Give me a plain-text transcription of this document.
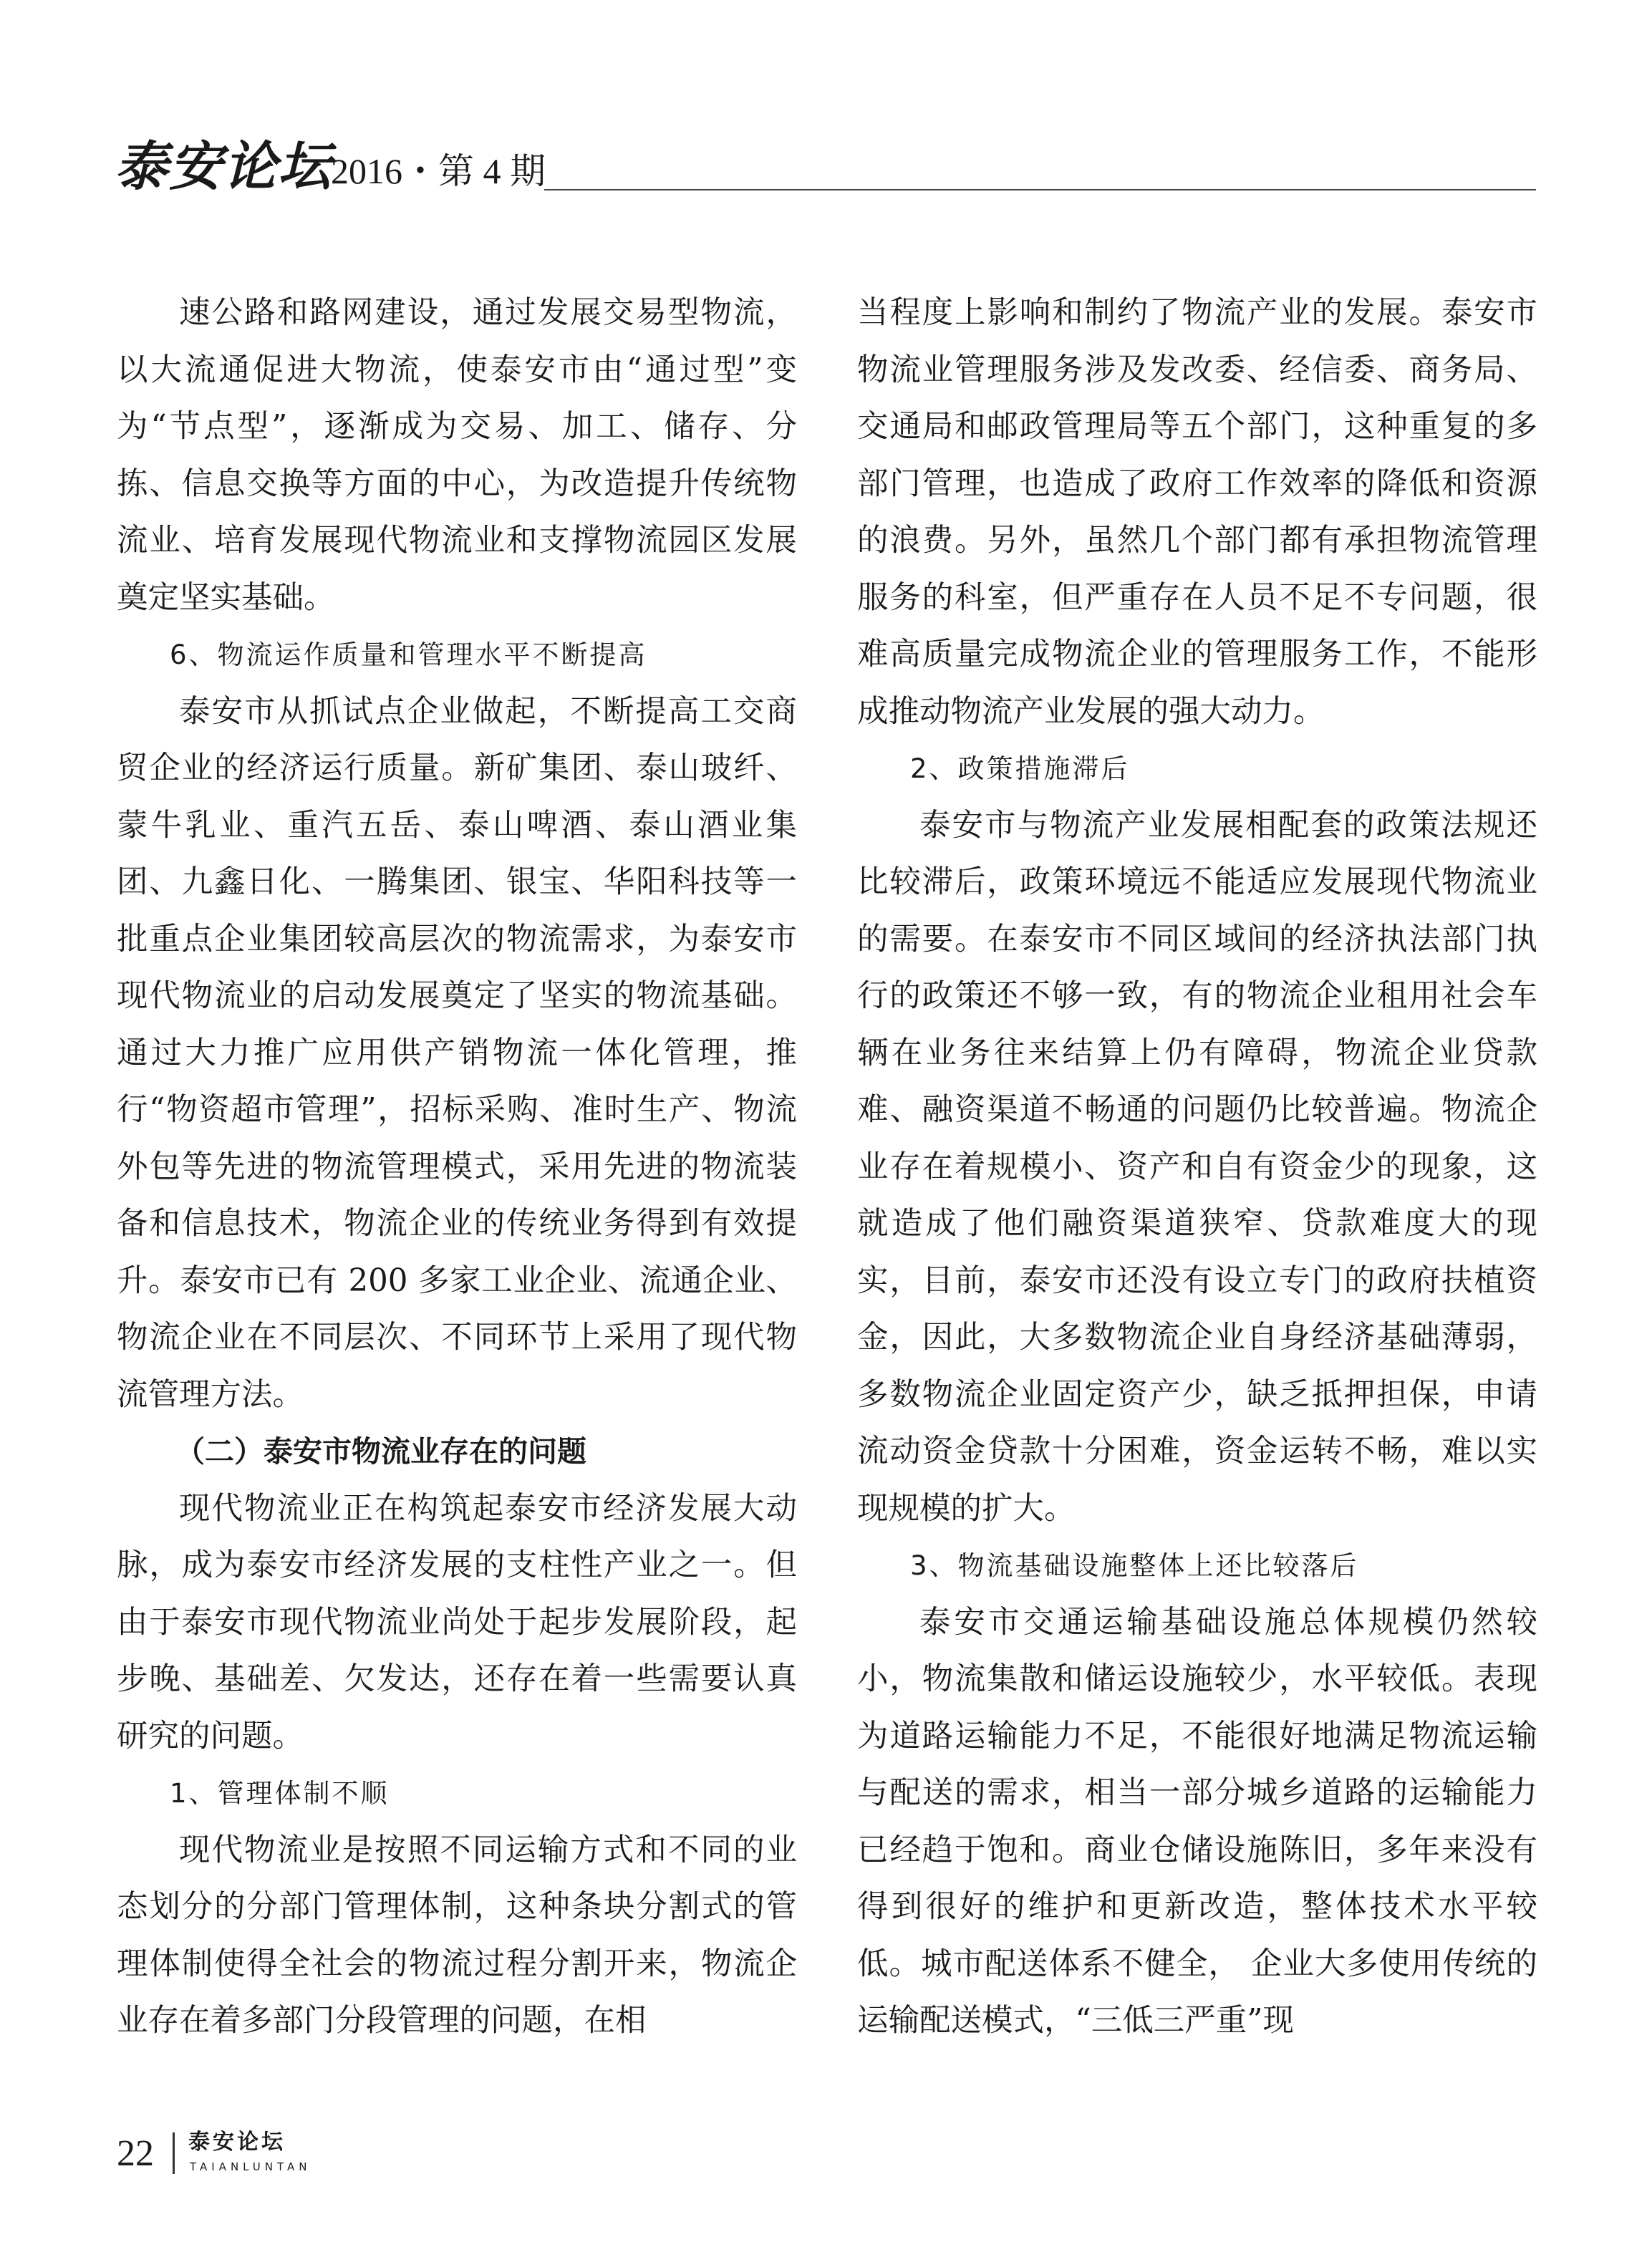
泰安论坛
2016・第 4 期

速公路和路网建设，通过发展交易型物流，以大流通促进大物流，使泰安市由“通过型”变为“节点型”，逐渐成为交易、加工、储存、分拣、信息交换等方面的中心，为改造提升传统物流业、培育发展现代物流业和支撑物流园区发展奠定坚实基础。

6、物流运作质量和管理水平不断提高

泰安市从抓试点企业做起，不断提高工交商贸企业的经济运行质量。新矿集团、泰山玻纤、蒙牛乳业、重汽五岳、泰山啤酒、泰山酒业集团、九鑫日化、一腾集团、银宝、华阳科技等一批重点企业集团较高层次的物流需求，为泰安市现代物流业的启动发展奠定了坚实的物流基础。通过大力推广应用供产销物流一体化管理，推行“物资超市管理”，招标采购、准时生产、物流外包等先进的物流管理模式，采用先进的物流装备和信息技术，物流企业的传统业务得到有效提升。泰安市已有 200 多家工业企业、流通企业、物流企业在不同层次、不同环节上采用了现代物流管理方法。

（二）泰安市物流业存在的问题

现代物流业正在构筑起泰安市经济发展大动脉，成为泰安市经济发展的支柱性产业之一。但由于泰安市现代物流业尚处于起步发展阶段，起步晚、基础差、欠发达，还存在着一些需要认真研究的问题。

1、管理体制不顺

现代物流业是按照不同运输方式和不同的业态划分的分部门管理体制，这种条块分割式的管理体制使得全社会的物流过程分割开来，物流企业存在着多部门分段管理的问题，在相

当程度上影响和制约了物流产业的发展。泰安市物流业管理服务涉及发改委、经信委、商务局、交通局和邮政管理局等五个部门，这种重复的多部门管理，也造成了政府工作效率的降低和资源的浪费。另外，虽然几个部门都有承担物流管理服务的科室，但严重存在人员不足不专问题，很难高质量完成物流企业的管理服务工作，不能形成推动物流产业发展的强大动力。

2、政策措施滞后

泰安市与物流产业发展相配套的政策法规还比较滞后，政策环境远不能适应发展现代物流业的需要。在泰安市不同区域间的经济执法部门执行的政策还不够一致，有的物流企业租用社会车辆在业务往来结算上仍有障碍，物流企业贷款难、融资渠道不畅通的问题仍比较普遍。物流企业存在着规模小、资产和自有资金少的现象，这就造成了他们融资渠道狭窄、贷款难度大的现实，目前，泰安市还没有设立专门的政府扶植资金，因此，大多数物流企业自身经济基础薄弱，多数物流企业固定资产少，缺乏抵押担保，申请流动资金贷款十分困难，资金运转不畅，难以实现规模的扩大。

3、物流基础设施整体上还比较落后

泰安市交通运输基础设施总体规模仍然较小，物流集散和储运设施较少，水平较低。表现为道路运输能力不足，不能很好地满足物流运输与配送的需求，相当一部分城乡道路的运输能力已经趋于饱和。商业仓储设施陈旧，多年来没有得到很好的维护和更新改造，整体技术水平较低。城市配送体系不健全， 企业大多使用传统的运输配送模式，“三低三严重”现

22 泰安论坛
TAIANLUNTAN
